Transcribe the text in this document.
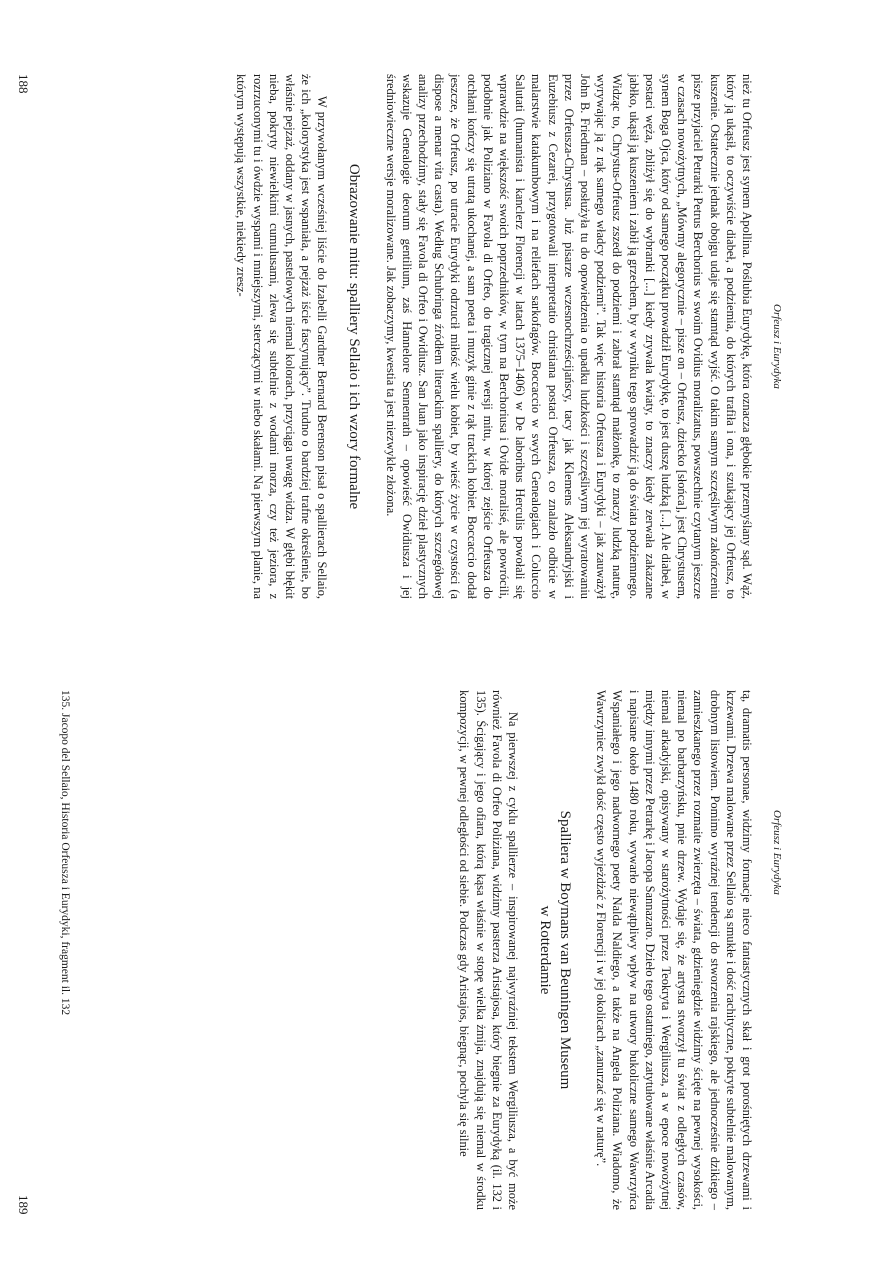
Orfeusz i Eurydyka

nież tu Orfeusz jest synem Apollina. Poślubia Eurydykę, która oznacza głębokie przemyślany sąd. Wąż, który ją ukąsił, to oczywiście diabeł, a podziemia, do których trafiła i ona, i szukający jej Orfeusz, to kuszenie. Ostatecznie jednak obojgu udaje się stamtąd wyjść. O takim samym szczęśliwym zakończeniu pisze przyjaciel Petrarki Petrus Berchorius w swoim Ovidius moralizatus, powszechnie czytanym jeszcze w czasach nowożytnych, „Mówmy alegorycznie – pisze on – Orfeusz, dziecko [słońca], jest Chrystusem, synem Boga Ojca, który od samego początku prowadził Eurydykę, to jest duszę ludzką [...]. Ale diabeł, w postaci węża, zbliżył się do wybranki [...] kiedy zrywała kwiaty, to znaczy kiedy zerwała zakazane jabłko, ukąsił ją kuszeniem i zabił ją grzechem, by w wyniku tego sprowadzić ją do świata podziemnego. Widząc to, Chrystus-Orfeusz zszedł do podziemi i zabrał stamtąd małżonkę, to znaczy ludzką naturę, wyrywając ją z rąk samego władcy podziemi”. Tak więc historia Orfeusza i Eurydyki – jak zauważył John B. Friedman – posłużyła tu do opowiedzenia o upadku ludzkości i szczęśliwym jej wyratowaniu przez Orfeusza-Chrystusa. Już pisarze wczesnochrześcijańscy, tacy jak Klemens Aleksandryjski i Euzebiusz z Cezarei, przygotowali interpretatio christiana postaci Orfeusza, co znalazło odbicie w malarstwie katakumbowym i na reliefach sarkofagów. Boccaccio w swych Genealogiach i Coluccio Salutati (humanista i kanclerz Florencji w latach 1375–1406) w De laboribus Herculis powołali się wprawdzie na większość swoich poprzedników, w tym na Berchoriusa i Ovide moralisé, ale powrócili, podobnie jak Poliziano w Favola di Orfeo, do tragicznej wersji mitu, w której zejście Orfeusza do otchłani kończy się utratą ukochanej, a sam poeta i muzyk ginie z rąk trackich kobiet. Boccaccio dodał jeszcze, że Orfeusz, po utracie Eurydyki odrzucił miłość wielu kobiet, by wieść życie w czystości (a dispose a menar vita casta). Według Schubringa źródłem literackim spalliery, do których szczegółowej analizy przechodzimy, stały się Favola di Orfeo i Owidiusz. San Juan jako inspirację dzieł plastycznych wskazuje Genealogie deorum gentilium, zaś Hannelore Sennenrath – opowieść Owidiusza i jej średniowieczne wersje moralizowane. Jak zobaczymy, kwestia ta jest niezwykle złożona.

Obrazowanie mitu: spalliery Sellaio i ich wzory formalne

W przywołanym wcześniej liście do Izabelli Gardner Bernard Berenson pisał o spallierach Sellaio, że ich „kolorystyka jest wspaniała, a pejzaż iście fascynujący”. Trudno o bardziej trafne określenie, bo właśnie pejzaż, oddany w jasnych, pastelowych niemal kolorach, przyciąga uwagę widza. W głębi błękit nieba, pokryty niewielkimi cumulusami, zlewa się subtelnie z wodami morza, czy też jeziora, z rozrzuconymi tu i ówdzie wyspami i mniejszymi, sterczącymi w niebo skałami. Na pierwszym planie, na którym występują wszystkie, niekiedy zresz-

188
Orfeusz i Eurydyka

tą, dramatis personae, widzimy formacje nieco fantastycznych skał i grot porośniętych drzewami i krzewami. Drzewa malowane przez Sellaio są smukłe i dość rachityczne, pokryte subtelnie malowanym, drobnym listowiem. Pomimo wyraźnej tendencji do stworzenia rajskiego, ale jednocześnie dzikiego – zamieszkanego przez rozmaite zwierzęta – świata, gdzieniegdzie widzimy ścięte na pewnej wysokości, niemal po barbarzyńsku, pnie drzew. Wydaje się, że artysta stworzył tu świat z odległych czasów, niemal arkadyjski, opisywany w starożytności przez Teokryta i Wergiliusza, a w epoce nowożytnej między innymi przez Petrarkę i Jacopa Sannazaro. Dzieło tego ostatniego, zatytułowane właśnie Arcadia i napisane około 1480 roku, wywarło niewątpliwy wpływ na utwory bukoliczne samego Wawrzyńca Wspaniałego i jego nadwornego poety Nalda Naldiego, a także na Angela Poliziana. Wiadomo, że Wawrzyniec zwykł dość często wyjeżdżać z Florencji i w jej okolicach „zanurzać się w naturę”.

Spalliera w Boymans van Beuningen Museum
w Rotterdamie

Na pierwszej z cyklu spallierze – inspirowanej najwyraźniej tekstem Wergiliusza, a być może również Favola di Orfeo Poliziana, widzimy pasterza Aristajosa, który biegnie za Eurydyką (il. 132 i 135). Ścigający i jego ofiara, którą kąsa właśnie w stopę wielka żmija, znajdują się niemal w środku kompozycji, w pewnej odległości od siebie. Podczas gdy Aristajos, biegnąc, pochyla się silnie

135. Jacopo del Sellaio, Historia Orfeusza i Eurydyki, fragment il. 132
189
